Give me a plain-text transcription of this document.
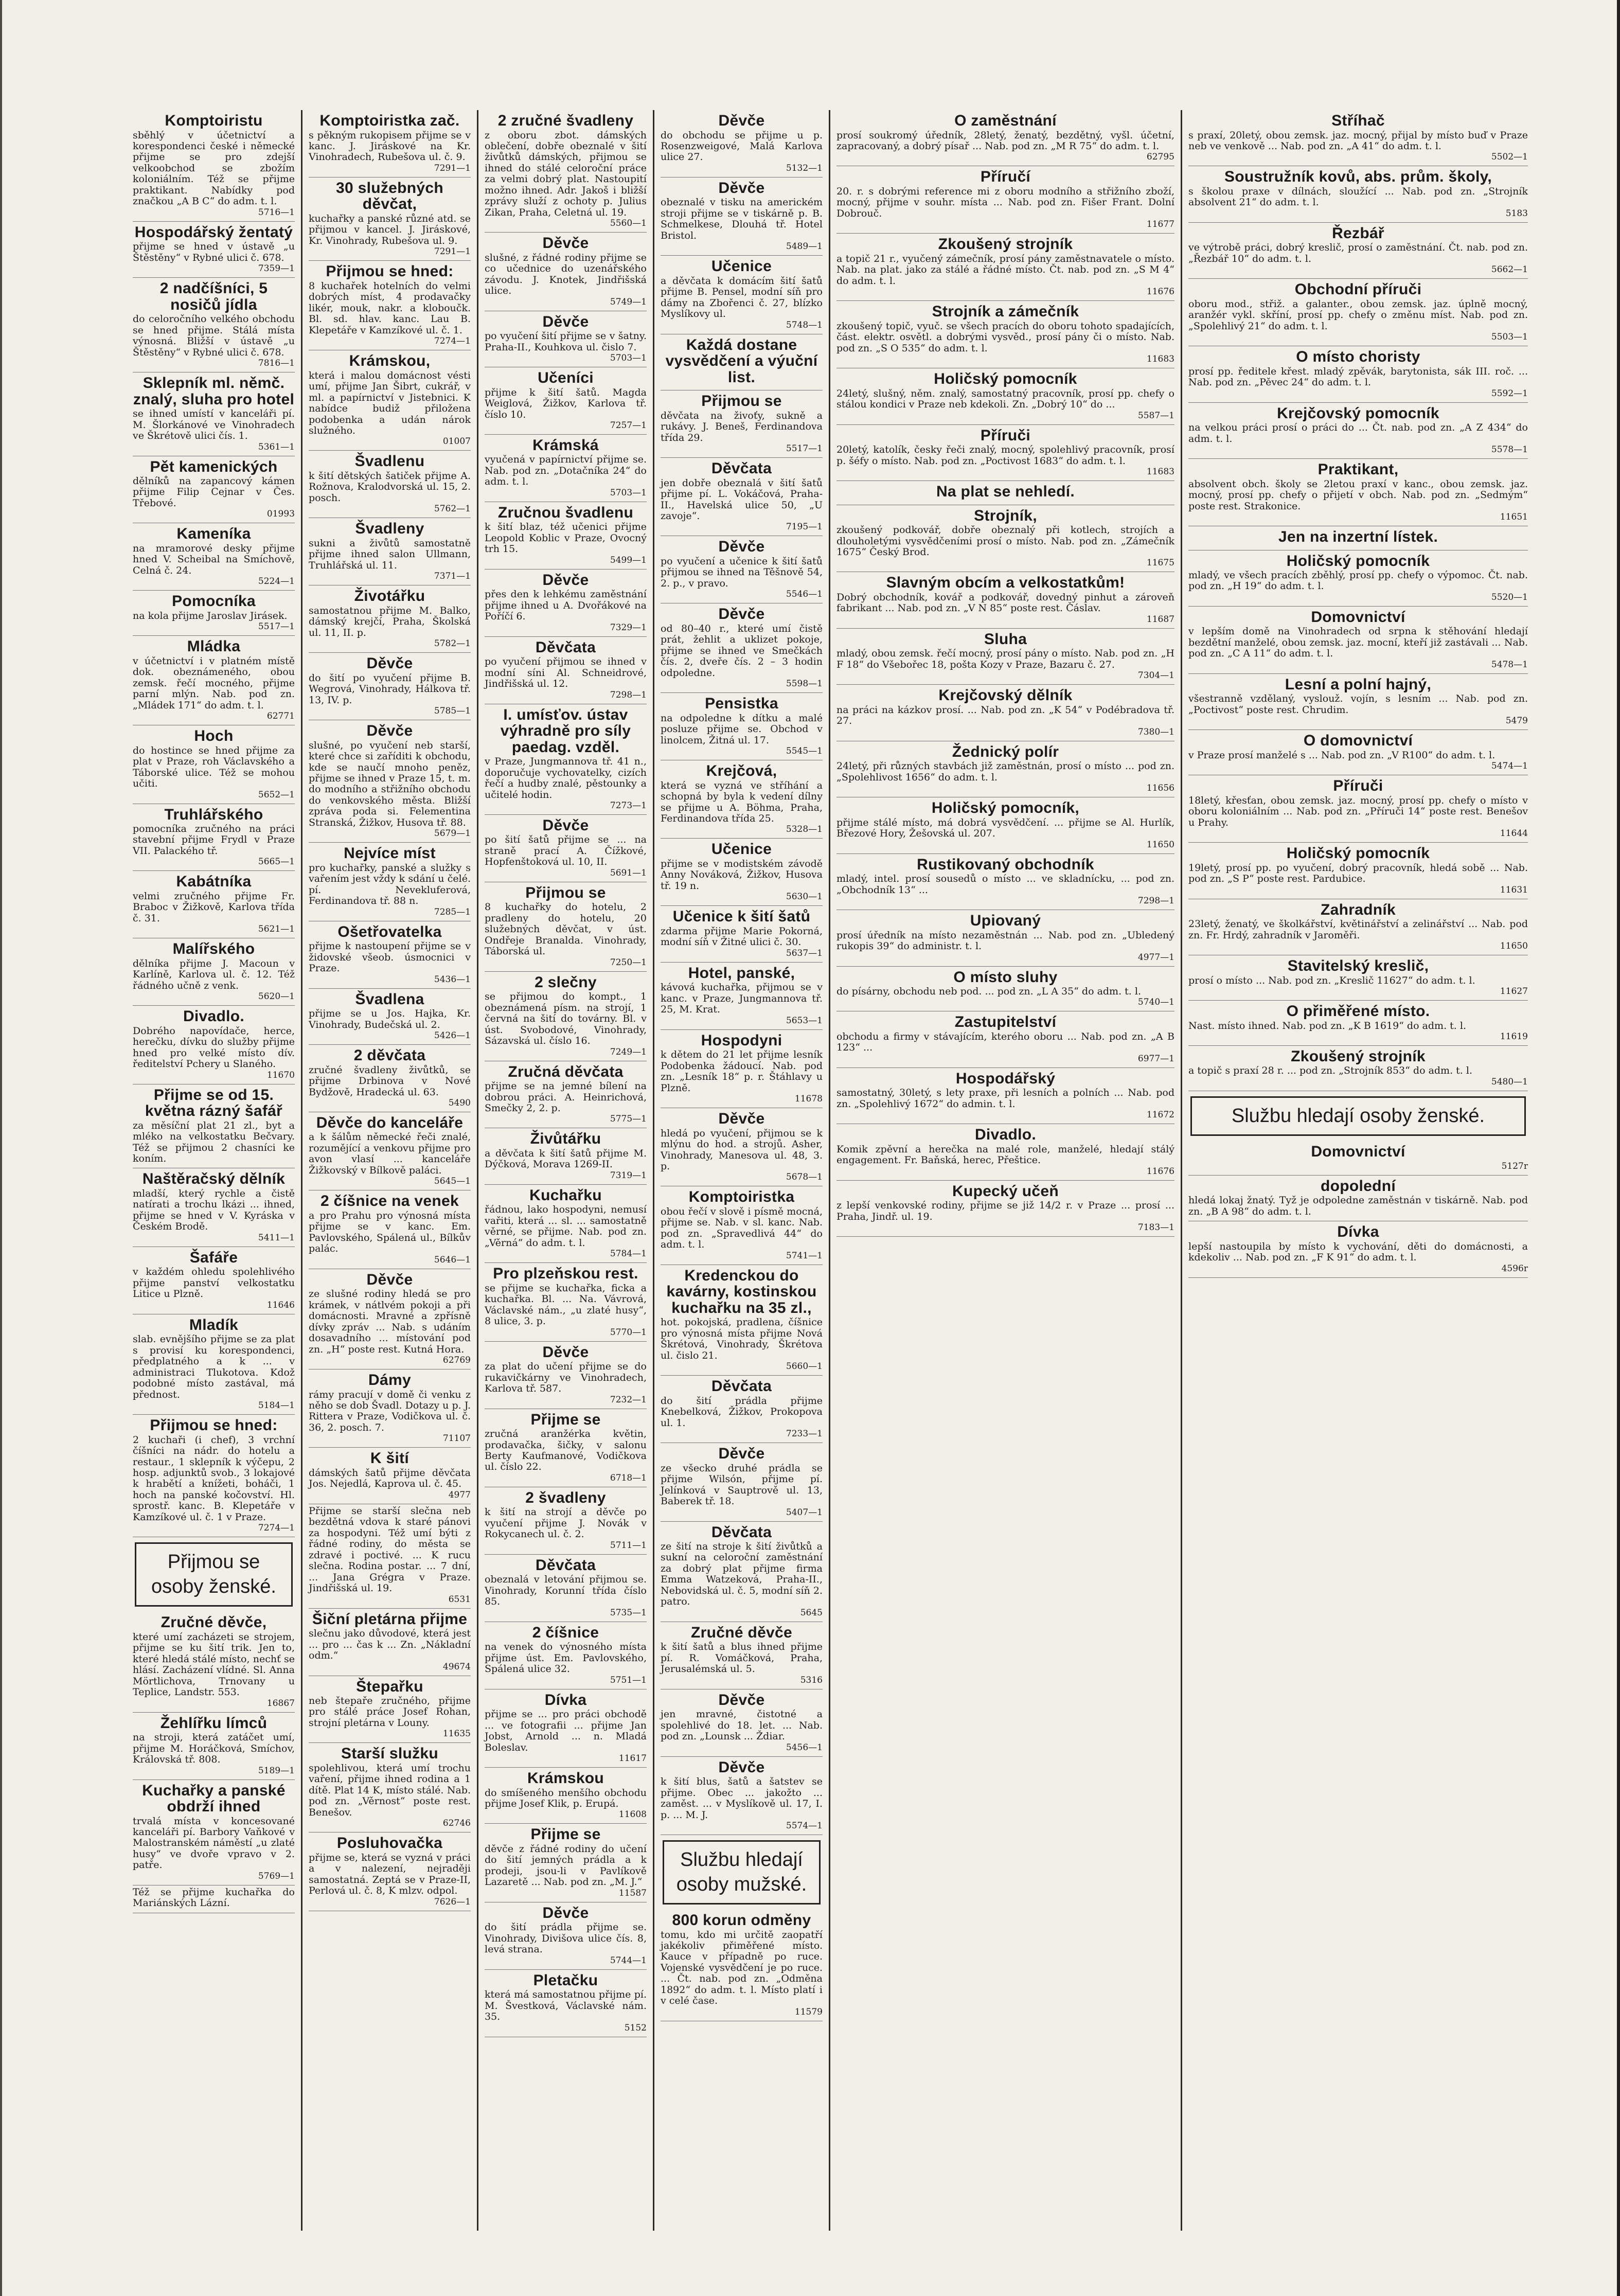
Komptoiristu

sběhlý v účetnictví a korespondenci české i německé přijme se pro zdejší velkoobchod se zbožím koloniálním. Též se přijme praktikant. Nabídky pod značkou „A B C“ do adm. t. l.

5716—1

Hospodářský žentatý

přijme se hned v ústavě „u Štěstěny“ v Rybné ulici č. 678.

7359—1

2 nadčíšníci, 5 nosičů jídla

do celoročního velkého obchodu se hned přijme. Stálá místa výnosná. Bližší v ústavě „u Štěstěny“ v Rybné ulici č. 678.

7816—1

Sklepník ml. němč. znalý, sluha pro hotel

se ihned umístí v kanceláři pí. M. Šlorkánové ve Vinohradech ve Škrétově ulici čís. 1.

5361—1

Pět kamenických

dělníků na zapancový kámen přijme Filip Cejnar v Čes. Třebové.

01993

Kameníka

na mramorové desky přijme hned V. Scheibal na Smíchově, Celná č. 24.

5224—1

Pomocníka

na kola přijme Jaroslav Jirásek.

5517—1

Mládka

v účetnictví i v platném místě dok. obeznámeného, obou zemsk. řečí mocného, přijme parní mlýn. Nab. pod zn. „Mládek 171“ do adm. t. l.

62771

Hoch

do hostince se hned přijme za plat v Praze, roh Václavského a Táborské ulice. Též se mohou učiti.

5652—1

Truhlářského

pomocníka zručného na práci stavební přijme Frydl v Praze VII. Palackého tř.

5665—1

Kabátníka

velmi zručného přijme Fr. Braboc v Žižkově, Karlova třída č. 31.

5621—1

Malířského

dělníka přijme J. Macoun v Karlíně, Karlova ul. č. 12. Též řádného učně z venk.

5620—1

Divadlo.

Dobrého napovídače, herce, herečku, dívku do služby přijme hned pro velké místo dív. ředitelství Pchery u Slaného.

11670

Přijme se od 15. května rázný šafář

za měsíční plat 21 zl., byt a mléko na velkostatku Bečvary. Též se přijmou 2 chasníci ke koním.

Naštěračský dělník

mladší, který rychle a čistě natírati a trochu lkázi ... ihned, přijme se hned v V. Kyráska v Českém Brodě.

5411—1

Šafáře

v každém ohledu spolehlivého přijme panství velkostatku Litice u Plzně.

11646

Mladík

slab. evnějšího přijme se za plat s provisí ku korespondenci, předplatného a k ... v administraci Tlukotova. Kdož podobné místo zastával, má přednost.

5184—1

Přijmou se hned:

2 kuchaři (i chef), 3 vrchní číšníci na nádr. do hotelu a restaur., 1 sklepník k výčepu, 2 hosp. adjunktů svob., 3 lokajové k hrabětí a knížeti, boháči, 1 hoch na panské kočovství. Hl. sprostř. kanc. B. Klepetáře v Kamzíkové ul. č. 1 v Praze.

7274—1

Přijmou se osoby ženské.
Zručné děvče,

které umí zacházeti se strojem, přijme se ku šití trik. Jen to, které hledá stálé místo, nechť se hlásí. Zacházení vlídné. Sl. Anna Mörtlichova, Trnovany u Teplice, Landstr. 553.

16867

Žehlířku límců

na stroji, která zatáčet umí, přijme M. Horáčková, Smíchov, Královská tř. 808.

5189—1

Kuchařky a panské obdrží ihned

trvalá místa v koncesované kanceláři pí. Barbory Vaňkové v Malostranském náměstí „u zlaté husy“ ve dvoře vpravo v 2. patře.

5769—1

Též se přijme kuchařka do Mariánských Lázní.

Komptoiristka zač.

s pěkným rukopisem přijme se v kanc. J. Jiráskové na Kr. Vinohradech, Rubešova ul. č. 9.

7291—1

30 služebných děvčat,

kuchařky a panské různé atd. se přijmou v kancel. J. Jiráskové, Kr. Vinohrady, Rubešova ul. 9.

7291—1

Přijmou se hned:

8 kuchařek hotelních do velmi dobrých míst, 4 prodavačky likér, mouk, nakr. a kloboučk. Bl. sd. hlav. kanc. Lau B. Klepetáře v Kamzíkové ul. č. 1.

7274—1

Krámskou,

která i malou domácnost vésti umí, přijme Jan Šibrt, cukrář, v ml. a papírnictví v Jistebnici. K nabídce budiž přiložena podobenka a udán nárok služného.

01007

Švadlenu

k šití dětských šatiček přijme A. Rožnova, Kralodvorská ul. 15, 2. posch.

5762—1

Švadleny

sukni a živůtů samostatně přijme ihned salon Ullmann, Truhlářská ul. 11.

7371—1

Životářku

samostatnou přijme M. Balko, dámský krejčí, Praha, Školská ul. 11, II. p.

5782—1

Děvče

do šití po vyučení přijme B. Wegrová, Vinohrady, Hálkova tř. 13, IV. p.

5785—1

Děvče

slušné, po vyučení neb starší, které chce si zaříditi k obchodu, kde se naučí mnoho peněz, přijme se ihned v Praze 15, t. m. do modního a střižního obchodu do venkovského města. Bližší zpráva poda si. Felementina Stranská, Žižkov, Husova tř. 88.

5679—1

Nejvíce míst

pro kuchařky, panské a služky s vařením jest vždy k sdání u čelé. pí. Nevekluferová, Ferdinandova tř. 88 n.

7285—1

Ošetřovatelka

přijme k nastoupení přijme se v židovské všeob. úsmocnici v Praze.

5436—1

Švadlena

přijme se u Jos. Hajka, Kr. Vinohrady, Budečská ul. 2.

5426—1

2 děvčata

zručné švadleny živůtků, se přijme Drbinova v Nové Bydžově, Hradecká ul. 63.

5490

Děvče do kanceláře

a k šálům německé řeči znalé, rozumějící a venkovu přijme pro avon vlasí ... kanceláře Žižkovský v Bílkově paláci.

5645—1

2 číšnice na venek

a pro Prahu pro výnosná místa přijme se v kanc. Em. Pavlovského, Spálená ul., Bílkův palác.

5646—1

Děvče

ze slušné rodiny hledá se pro krámek, v nátlvém pokoji a při domácnosti. Mravné a zpřísně dívky zpráv ... Nab. s udáním dosavadního ... místování pod zn. „H“ poste rest. Kutná Hora.

62769

Dámy

rámy pracují v domě či venku z něho se dob Švadl. Dotazy u p. J. Rittera v Praze, Vodičkova ul. č. 36, 2. posch. 7.

71107

K šití

dámských šatů přijme děvčata Jos. Nejedlá, Kaprova ul. č. 45.

4977

Přijme se starší slečna neb bezdětná vdova k staré pánovi za hospodyni. Též umí býti z řádné rodiny, do města se zdravé i poctivé. ... K rucu slečna. Rodina postar. ... 7 dní, ... Jana Grégra v Praze. Jindřišská ul. 19.

6531

Šiční pletárna přijme

slečnu jako důvodové, která jest ... pro ... čas k ... Zn. „Nákladní odm.“

49674

Štepařku

neb štepaře zručného, přijme pro stálé práce Josef Rohan, strojní pletárna v Louny.

11635

Starší služku

spolehlivou, která umí trochu vaření, přijme ihned rodina a 1 dítě. Plat 14 K, místo stálé. Nab. pod zn. „Věrnost“ poste rest. Benešov.

62746

Posluhovačka

přijme se, která se vyzná v práci a v nalezení, nejraději samostatná. Zeptá se v Praze-II, Perlová ul. č. 8, K mlzv. odpol.

7626—1

2 zručné švadleny

z oboru zbot. dámských oblečení, dobře obeznalé v šití živůtků dámských, přijmou se ihned do stálé celoroční práce za velmi dobrý plat. Nastoupití možno ihned. Adr. Jakoš i bližší zprávy služí z ochoty p. Julius Zikan, Praha, Celetná ul. 19.

5560—1

Děvče

slušné, z řádné rodiny přijme se co učednice do uzenářského závodu. J. Knotek, Jindřišská ulice.

5749—1

Děvče

po vyučení šití přijme se v šatny. Praha-II., Kouhkova ul. čislo 7.

5703—1

Učeníci

přijme k šití šatů. Magda Weiglová, Žižkov, Karlova tř. číslo 10.

7257—1

Krámská

vyučená v papírnictví přijme se. Nab. pod zn. „Dotačníka 24“ do adm. t. l.

5703—1

Zručnou švadlenu

k šití blaz, též učenici přijme Leopold Koblic v Praze, Ovocný trh 15.

5499—1

Děvče

přes den k lehkému zaměstnání přijme ihned u A. Dvořákové na Poříčí 6.

7329—1

Děvčata

po vyučení přijmou se ihned v modní síni Al. Schneidrové, Jindřišská ul. 12.

7298—1

I. umísťov. ústav výhradně pro síly paedag. vzděl.

v Praze, Jungmannova tř. 41 n., doporučuje vychovatelky, cizích řečí a hudby znalé, pěstounky a učitelé hodin.

7273—1

Děvče

po šití šatů přijme se ... na straně prací A. Čížkové, Hopfenštoková ul. 10, II.

5691—1

Přijmou se

8 kuchařky do hotelu, 2 pradleny do hotelu, 20 služebných děvčat, v úst. Ondřeje Branalda. Vinohrady, Táborská ul.

7250—1

2 slečny

se přijmou do kompt., 1 obeznámená písm. na strojí, 1 červná na šití do továrny. Bl. v úst. Svobodové, Vinohrady, Sázavská ul. číslo 16.

7249—1

Zručná děvčata

přijme se na jemné bílení na dobrou práci. A. Heinrichová, Smečky 2, 2. p.

5775—1

Živůtářku

a děvčata k šití šatů přijme M. Dýčková, Morava 1269-II.

7319—1

Kuchařku

řádnou, lako hospodyni, nemusí vařiti, která ... sl. ... samostatně věrné, se přijme. Nab. pod zn. „Věrná“ do adm. t. l.

5784—1

Pro plzeňskou rest.

se přijme se kuchařka, ficka a kuchařka. Bl. ... Na. Vávrová, Václavské nám., „u zlaté husy“, 8 ulice, 3. p.

5770—1

Děvče

za plat do učení přijme se do rukavičkárny ve Vinohradech, Karlova tř. 587.

7232—1

Přijme se

zručná aranžérka květin, prodavačka, šičky, v salonu Berty Kaufmanové, Vodičkova ul. číslo 22.

6718—1

2 švadleny

k šití na strojí a děvče po vyučení přijme J. Novák v Rokycanech ul. č. 2.

5711—1

Děvčata

obeznalá v letování přijmou se. Vinohrady, Korunní třída číslo 85.

5735—1

2 číšnice

na venek do výnosného místa přijme úst. Em. Pavlovského, Spálená ulice 32.

5751—1

Dívka

přijme se ... pro práci obchodě ... ve fotografii ... přijme Jan Jobst, Arnold ... n. Mladá Boleslav.

11617

Krámskou

do smíšeného menšího obchodu přijme Josef Klik, p. Erupá.

11608

Přijme se

děvče z řádné rodiny do učení do šití jemných prádla a k prodeji, jsou-li v Pavlíkově Lazaretě ... Nab. pod zn. „M. J.“

11587

Děvče

do šití prádla přijme se. Vinohrady, Divišova ulice čís. 8, levá strana.

5744—1

Pletačku

která má samostatnou přijme pí. M. Švestková, Václavské nám. 35.

5152

Děvče

do obchodu se přijme u p. Rosenzweigové, Malá Karlova ulice 27.

5132—1

Děvče

obeznalé v tisku na americkém stroji přijme se v tiskárně p. B. Schmelkese, Dlouhá tř. Hotel Bristol.

5489—1

Učenice

a děvčata k domácím šití šatů přijme B. Pensel, modní síň pro dámy na Zbořenci č. 27, blízko Myslíkovy ul.

5748—1

Každá dostane vysvědčení a výuční list.
Přijmou se

děvčata na živoťy, sukně a rukávy. J. Beneš, Ferdinandova třída 29.

5517—1

Děvčata

jen dobře obeznalá v šití šatů přijme pí. L. Vokáčová, Praha-II., Havelská ulice 50, „U zavoje“.

7195—1

Děvče

po vyučení a učenice k šití šatů přijmou se ihned na Těšnově 54, 2. p., v pravo.

5546—1

Děvče

od 80–40 r., které umí čistě prát, žehlit a uklizet pokoje, přijme se ihned ve Smečkách čís. 2, dveře čís. 2 – 3 hodin odpoledne.

5598—1

Pensistka

na odpoledne k dítku a malé posluze přijme se. Obchod v linolcem, Žitná ul. 17.

5545—1

Krejčová,

která se vyzná ve stříhání a schopná by byla k vedení dílny se přijme u A. Böhma, Praha, Ferdinandova třída 25.

5328—1

Učenice

přijme se v modistském závodě Anny Nováková, Žižkov, Husova tř. 19 n.

5630—1

Učenice k šití šatů

zdarma přijme Marie Pokorná, modní síň v Žitné ulici č. 30.

5637—1

Hotel, panské,

kávová kuchařka, přijmou se v kanc. v Praze, Jungmannova tř. 25, M. Krat.

5653—1

Hospodyni

k dětem do 21 let přijme lesník Podobenka žádoucí. Nab. pod zn. „Lesník 18“ p. r. Štáhlavy u Plzně.

11678

Děvče

hledá po vyučení, přijmou se k mlýnu do hod. a strojů. Asher, Vinohrady, Manesova ul. 48, 3. p.

5678—1

Komptoiristka

obou řečí v slově i písmě mocná, přijme se. Nab. v sl. kanc. Nab. pod zn. „Spravedlivá 44“ do adm. t. l.

5741—1

Kredenckou do kavárny, kostinskou kuchařku na 35 zl.,

hot. pokojská, pradlena, číšnice pro výnosná místa přijme Nová Škrétová, Vinohrady, Škrétova ul. čislo 21.

5660—1

Děvčata

do šití prádla přijme Knebelková, Žižkov, Prokopova ul. 1.

7233—1

Děvče

ze všecko druhé prádla se přijme Wilsón, přijme pí. Jelínková v Sauptrově ul. 13, Baberek tř. 18.

5407—1

Děvčata

ze šití na stroje k šití živůtků a sukní na celoroční zaměstnání za dobrý plat přijme firma Emma Watzeková, Praha-II., Nebovidská ul. č. 5, modní síň 2. patro.

5645

Zručné děvče

k šití šatů a blus ihned přijme pí. R. Vomáčková, Praha, Jerusalémská ul. 5.

5316

Děvče

jen mravné, čistotné a spolehlivé do 18. let. ... Nab. pod zn. „Lounsk ... Ždiar.

5456—1

Děvče

k šití blus, šatů a šatstev se přijme. Obec ... jakožto ... zaměst. ... v Myslíkově ul. 17, I. p. ... M. J.

5574—1

Službu hledají osoby mužské.
800 korun odměny

tomu, kdo mi určitě zaopatří jakékoliv přiměřené místo. Kauce v případně po ruce. Vojenské vysvědčení je po ruce. ... Čt. nab. pod zn. „Odměna 1892“ do adm. t. l. Místo platí i v celé čase.

11579

O zaměstnání

prosí soukromý úředník, 28letý, ženatý, bezdětný, vyšl. účetní, zapracovaný, a dobrý písař ... Nab. pod zn. „M R 75“ do adm. t. l.

62795

Příručí

20. r. s dobrými reference mi z oboru modního a střižního zboží, mocný, přijme v souhr. místa ... Nab. pod zn. Fišer Frant. Dolní Dobrouč.

11677

Zkoušený strojník

a topič 21 r., vyučený zámečník, prosí pány zaměstnavatele o místo. Nab. na plat. jako za stálé a řádné místo. Čt. nab. pod zn. „S M 4“ do adm. t. l.

11676

Strojník a zámečník

zkoušený topič, vyuč. se všech pracích do oboru tohoto spadajících, část. elektr. osvětl. a dobrými vysvěd., prosí pány či o místo. Nab. pod zn. „S O 535“ do adm. t. l.

11683

Holičský pomocník

24letý, slušný, něm. znalý, samostatný pracovník, prosí pp. chefy o stálou kondici v Praze neb kdekoli. Zn. „Dobrý 10“ do ...

5587—1

Příruči

20letý, katolík, česky řeči znalý, mocný, spolehlivý pracovník, prosí p. šéfy o místo. Nab. pod zn. „Poctivost 1683“ do adm. t. l.

11683

Na plat se nehledí.
Strojník,

zkoušený podkovář, dobře obeznalý při kotlech, strojích a dlouholetými vysvědčeními prosí o místo. Nab. pod zn. „Zámečník 1675“ Český Brod.

11675

Slavným obcím a velkostatkům!

Dobrý obchodník, kovář a podkovář, dovedný pinhut a zároveň fabrikant ... Nab. pod zn. „V N 85“ poste rest. Čáslav.

11687

Sluha

mladý, obou zemsk. řečí mocný, prosí pány o místo. Nab. pod zn. „H F 18“ do Všebořec 18, pošta Kozy v Praze, Bazaru č. 27.

7304—1

Krejčovský dělník

na práci na kázkov prosí. ... Nab. pod zn. „K 54“ v Podébradova tř. 27.

7380—1

Žednický polír

24letý, při různých stavbách již zaměstnán, prosí o místo ... pod zn. „Spolehlivost 1656“ do adm. t. l.

11656

Holičský pomocník,

přijme stálé místo, má dobrá vysvědčení. ... přijme se Al. Hurlík, Březové Hory, Žešovská ul. 207.

11650

Rustikovaný obchodník

mladý, intel. prosí sousedů o místo ... ve skladnícku, ... pod zn. „Obchodník 13“ ...

7298—1

Upiovaný

prosí úředník na místo nezaměstnán ... Nab. pod zn. „Ubledený rukopis 39“ do administr. t. l.

4977—1

O místo sluhy

do písárny, obchodu neb pod. ... pod zn. „L A 35“ do adm. t. l.

5740—1

Zastupitelství

obchodu a firmy v stávajícím, kterého oboru ... Nab. pod zn. „A B 123“ ...

6977—1

Hospodářský

samostatný, 30letý, s lety praxe, při lesních a polních ... Nab. pod zn. „Spolehlivý 1672“ do admin. t. l.

11672

Divadlo.

Komik zpěvní a herečka na malé role, manželé, hledají stálý engagement. Fr. Baňská, herec, Přeštice.

11676

Kupecký učeň

z lepší venkovské rodiny, přijme se již 14/2 r. v Praze ... prosí ... Praha, Jindř. ul. 19.

7183—1

Stříhač

s praxí, 20letý, obou zemsk. jaz. mocný, přijal by místo buď v Praze neb ve venkově ... Nab. pod zn. „A 41“ do adm. t. l.

5502—1

Soustružník kovů, abs. prům. školy,

s školou praxe v dílnách, sloužící ... Nab. pod zn. „Strojník absolvent 21“ do adm. t. l.

5183

Řezbář

ve výtrobě práci, dobrý kreslič, prosí o zaměstnání. Čt. nab. pod zn. „Řezbář 10“ do adm. t. l.

5662—1

Obchodní příruči

oboru mod., střiž. a galanter., obou zemsk. jaz. úplně mocný, aranžér vykl. skříní, prosí pp. chefy o změnu míst. Nab. pod zn. „Spolehlivý 21“ do adm. t. l.

5503—1

O místo choristy

prosí pp. ředitele křest. mladý zpěvák, barytonista, sák III. roč. ... Nab. pod zn. „Pěvec 24“ do adm. t. l.

5592—1

Krejčovský pomocník

na velkou práci prosí o práci do ... Čt. nab. pod zn. „A Z 434“ do adm. t. l.

5578—1

Praktikant,

absolvent obch. školy se 2letou praxí v kanc., obou zemsk. jaz. mocný, prosí pp. chefy o přijetí v obch. Nab. pod zn. „Sedmým“ poste rest. Strakonice.

11651

Jen na inzertní lístek.
Holičský pomocník

mladý, ve všech pracích zběhlý, prosí pp. chefy o výpomoc. Čt. nab. pod zn. „H 19“ do adm. t. l.

5520—1

Domovnictví

v lepším domě na Vinohradech od srpna k stěhování hledají bezdětní manželé, obou zemsk. jaz. mocní, kteří již zastávali ... Nab. pod zn. „C A 11“ do adm. t. l.

5478—1

Lesní a polní hajný,

všestranně vzdělaný, vyslouž. vojín, s lesním ... Nab. pod zn. „Poctivost“ poste rest. Chrudim.

5479

O domovnictví

v Praze prosí manželé s ... Nab. pod zn. „V R100“ do adm. t. l.

5474—1

Příruči

18letý, křesťan, obou zemsk. jaz. mocný, prosí pp. chefy o místo v oboru koloniálním ... Nab. pod zn. „Příruči 14“ poste rest. Benešov u Prahy.

11644

Holičský pomocník

19letý, prosí pp. po vyučení, dobrý pracovník, hledá sobě ... Nab. pod zn. „S P“ poste rest. Pardubice.

11631

Zahradník

23letý, ženatý, ve školkářství, květinářství a zelinářství ... Nab. pod zn. Fr. Hrdý, zahradník v Jaroměři.

11650

Stavitelský kreslič,

prosí o místo ... Nab. pod zn. „Kreslič 11627“ do adm. t. l.

11627

O přiměřené místo.

Nast. místo ihned. Nab. pod zn. „K B 1619“ do adm. t. l.

11619

Zkoušený strojník

a topič s praxí 28 r. ... pod zn. „Strojník 853“ do adm. t. l.

5480—1

Službu hledají osoby ženské.
Domovnictví

5127r

dopolední

hledá lokaj žnatý. Tyž je odpoledne zaměstnán v tiskárně. Nab. pod zn. „B A 98“ do adm. t. l.

Dívka

lepší nastoupila by místo k vychování, děti do domácnosti, a kdekoliv ... Nab. pod zn. „F K 91“ do adm. t. l.

4596r
